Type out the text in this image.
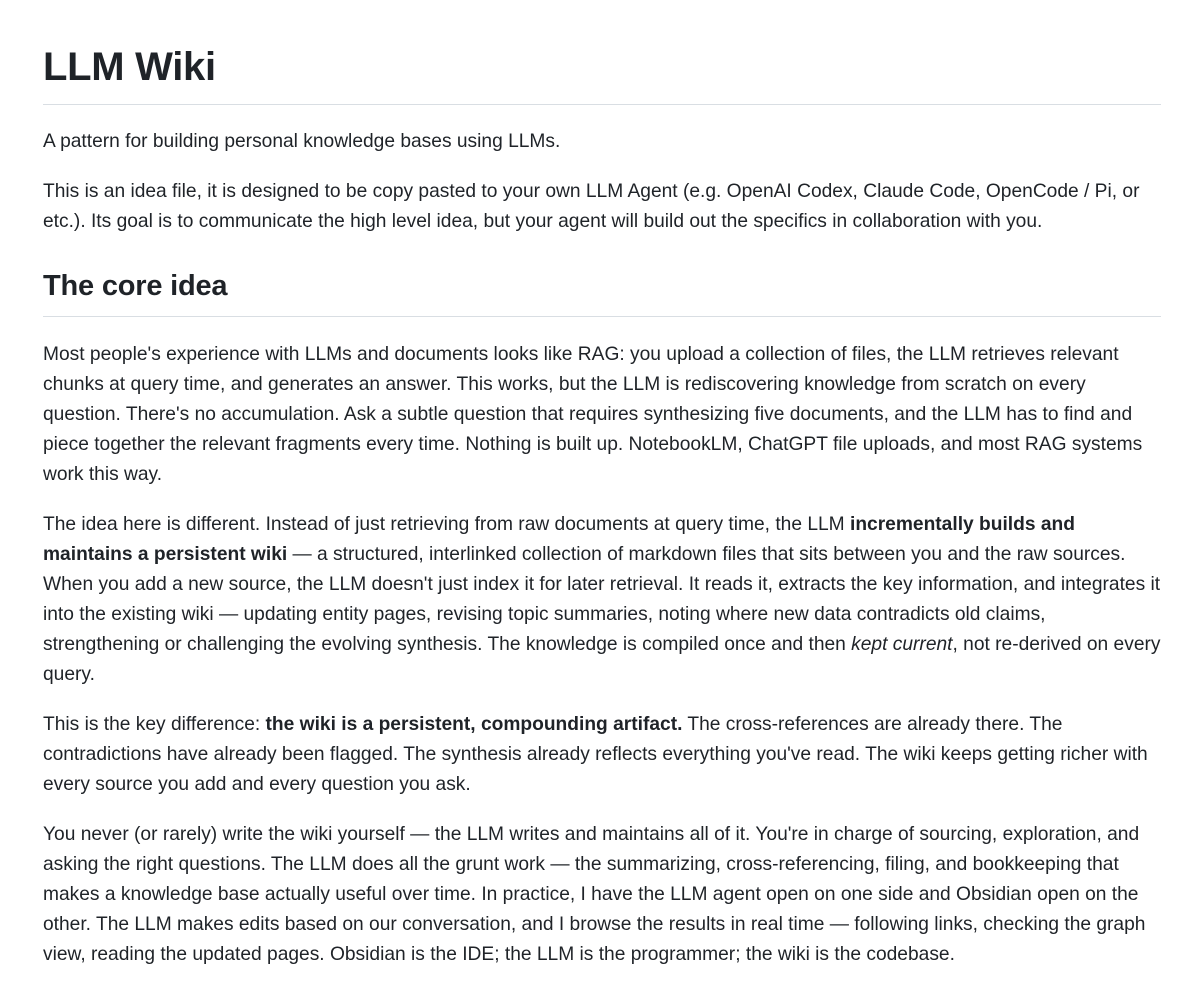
LLM Wiki

A pattern for building personal knowledge bases using LLMs.

This is an idea file, it is designed to be copy pasted to your own LLM Agent (e.g. OpenAI Codex, Claude Code, OpenCode / Pi, or etc.). Its goal is to communicate the high level idea, but your agent will build out the specifics in collaboration with you.

The core idea

Most people's experience with LLMs and documents looks like RAG: you upload a collection of files, the LLM retrieves relevant chunks at query time, and generates an answer. This works, but the LLM is rediscovering knowledge from scratch on every question. There's no accumulation. Ask a subtle question that requires synthesizing five documents, and the LLM has to find and piece together the relevant fragments every time. Nothing is built up. NotebookLM, ChatGPT file uploads, and most RAG systems work this way.

The idea here is different. Instead of just retrieving from raw documents at query time, the LLM incrementally builds and maintains a persistent wiki — a structured, interlinked collection of markdown files that sits between you and the raw sources. When you add a new source, the LLM doesn't just index it for later retrieval. It reads it, extracts the key information, and integrates it into the existing wiki — updating entity pages, revising topic summaries, noting where new data contradicts old claims, strengthening or challenging the evolving synthesis. The knowledge is compiled once and then kept current, not re-derived on every query.

This is the key difference: the wiki is a persistent, compounding artifact. The cross-references are already there. The contradictions have already been flagged. The synthesis already reflects everything you've read. The wiki keeps getting richer with every source you add and every question you ask.

You never (or rarely) write the wiki yourself — the LLM writes and maintains all of it. You're in charge of sourcing, exploration, and asking the right questions. The LLM does all the grunt work — the summarizing, cross-referencing, filing, and bookkeeping that makes a knowledge base actually useful over time. In practice, I have the LLM agent open on one side and Obsidian open on the other. The LLM makes edits based on our conversation, and I browse the results in real time — following links, checking the graph view, reading the updated pages. Obsidian is the IDE; the LLM is the programmer; the wiki is the codebase.
